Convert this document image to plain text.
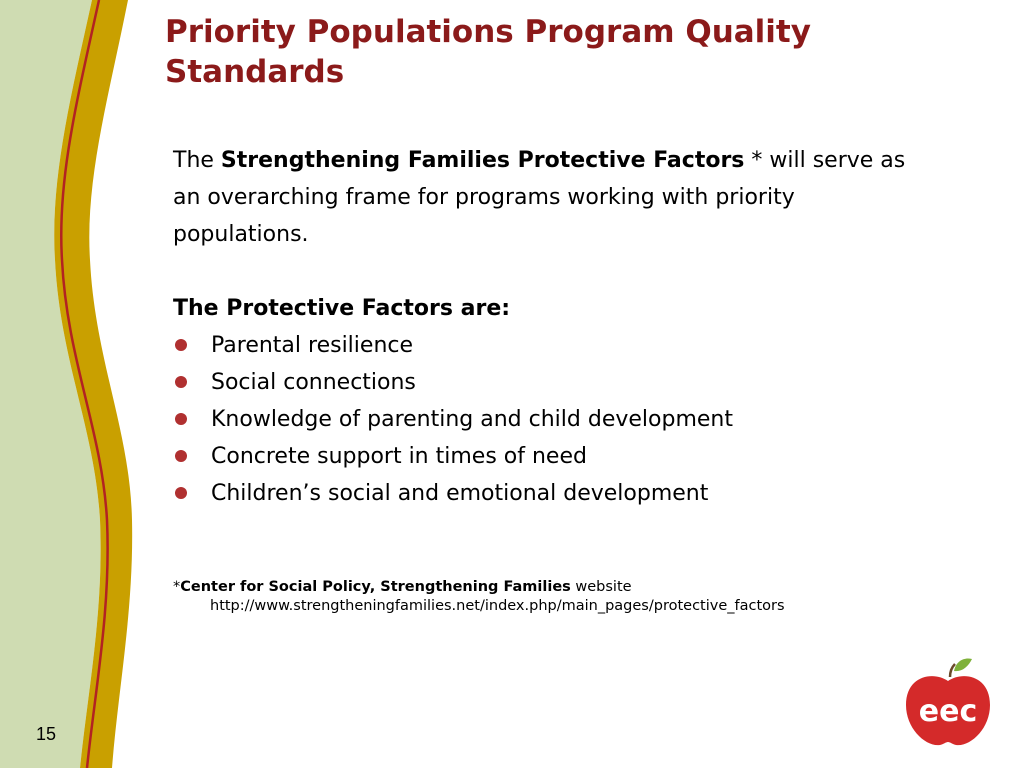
Priority Populations Program Quality Standards
The Strengthening Families Protective Factors * will serve as an overarching frame for programs working with priority populations.
The Protective Factors are:
Parental resilience
Social connections
Knowledge of parenting and child development
Concrete support in times of need
Children’s social and emotional development
*Center for Social Policy, Strengthening Families website
http://www.strengtheningfamilies.net/index.php/main_pages/protective_factors
15
eec
